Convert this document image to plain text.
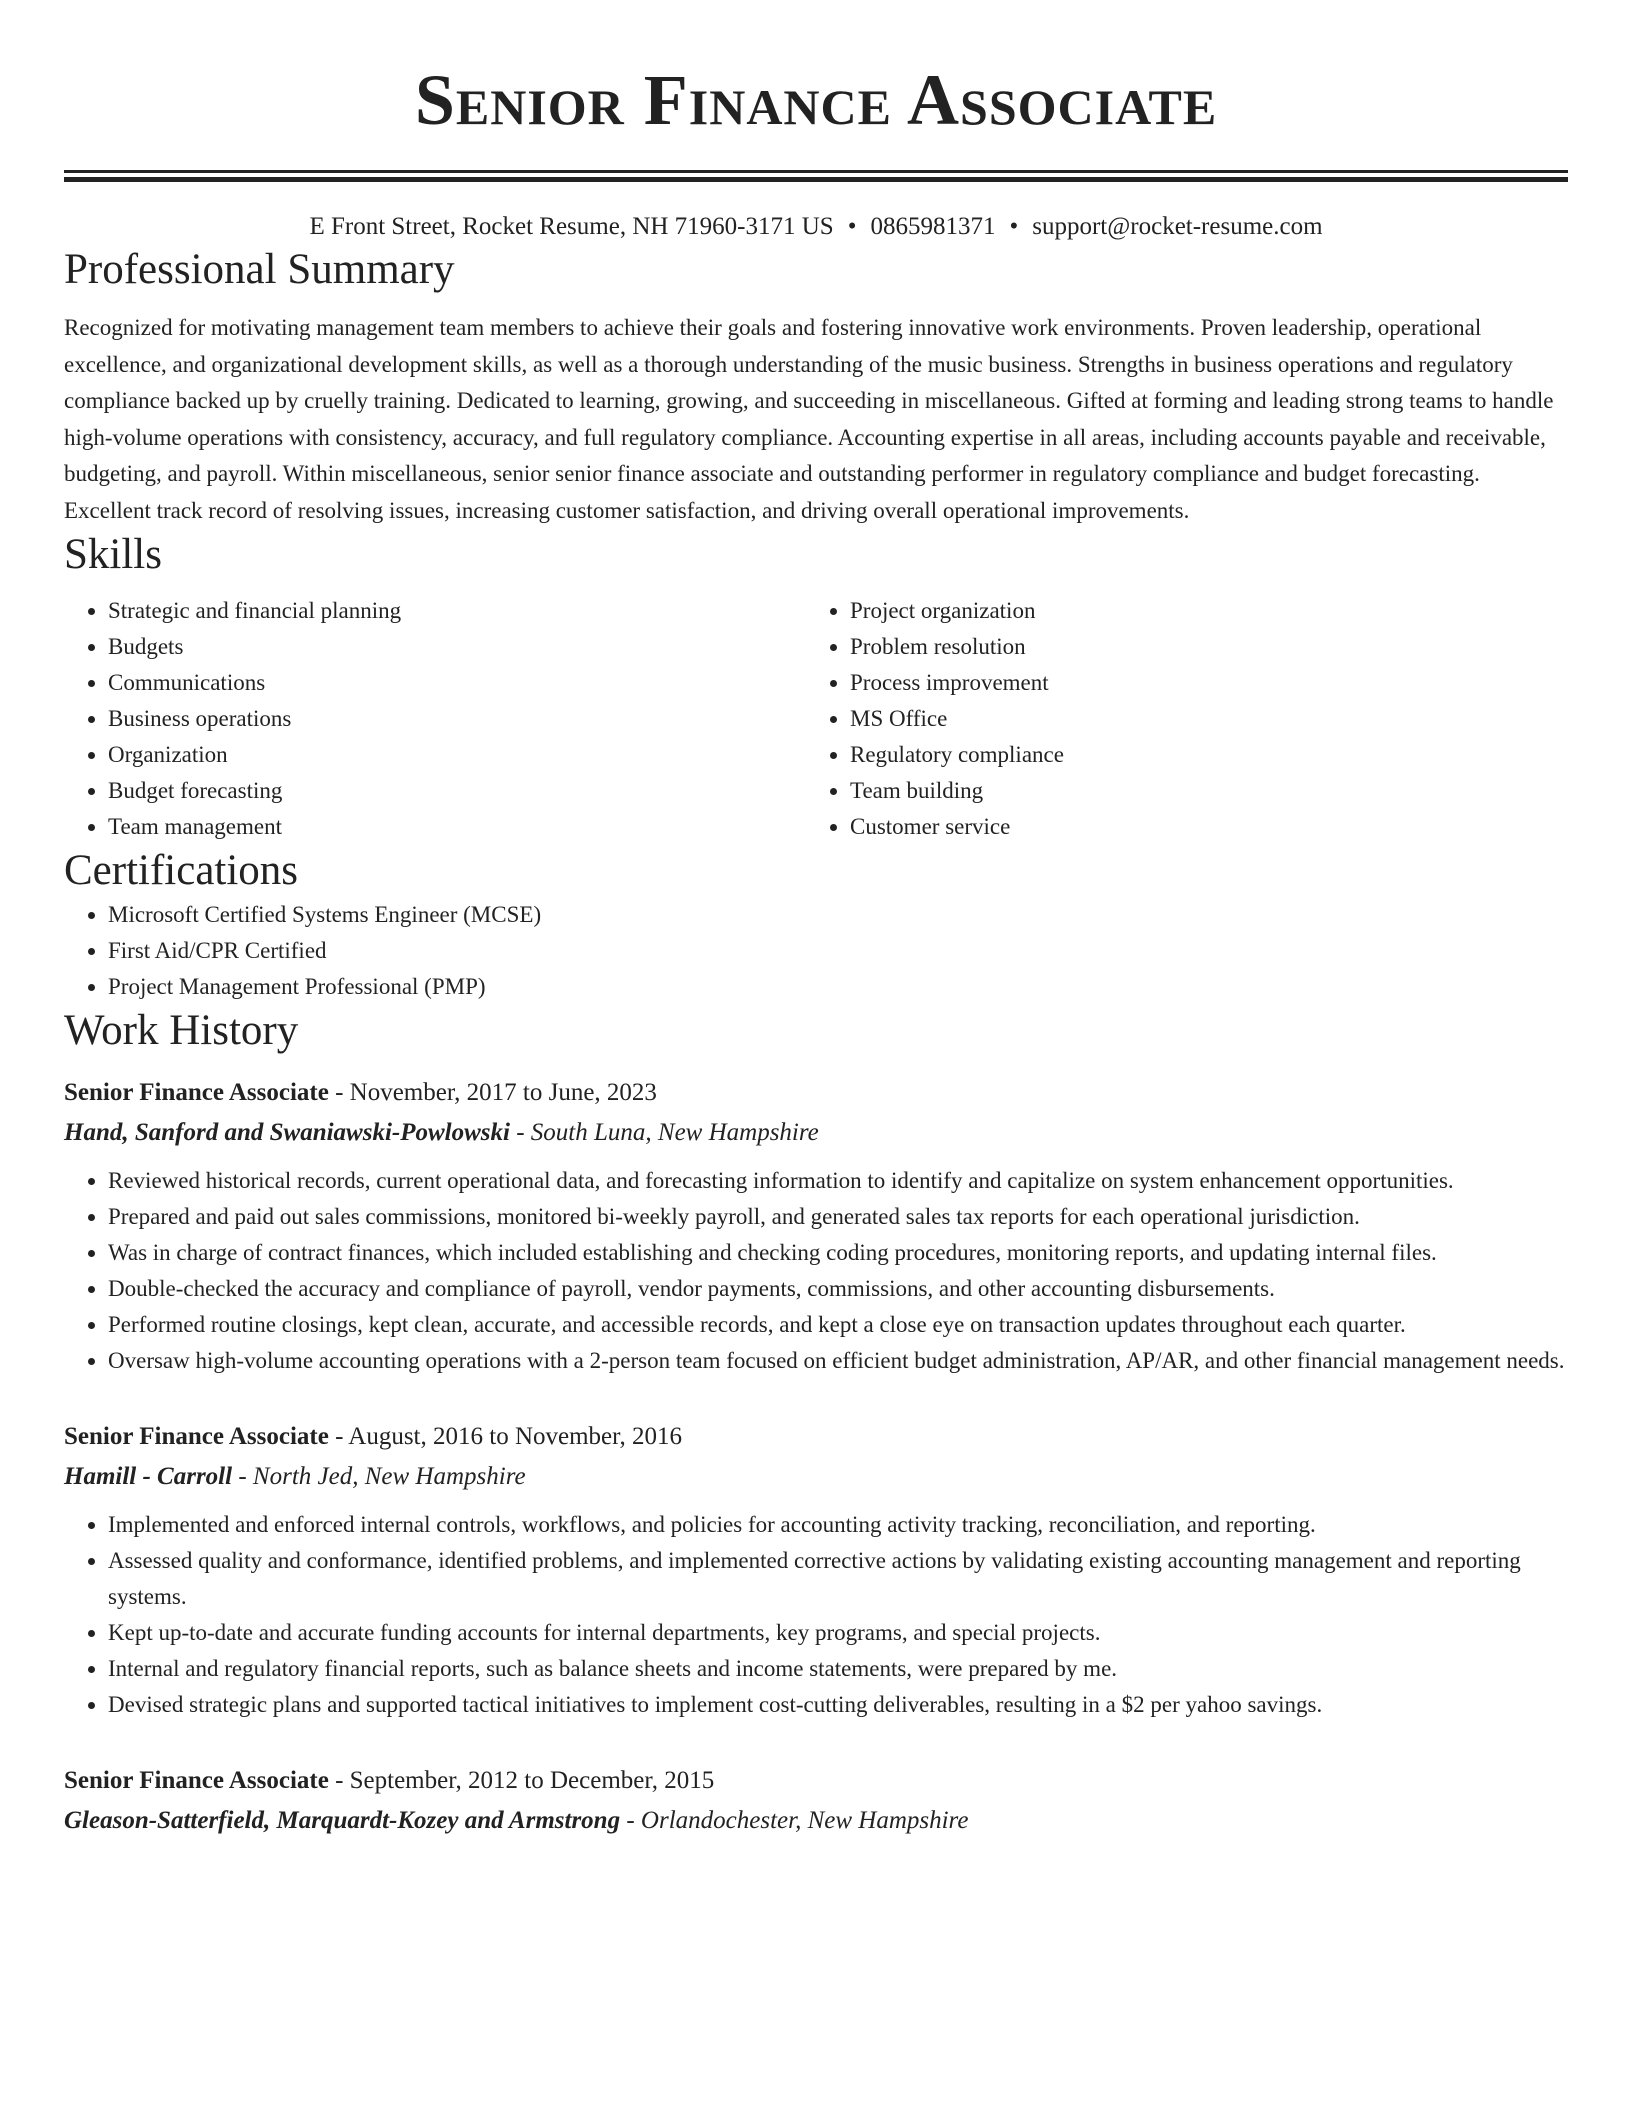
Senior Finance Associate
E Front Street, Rocket Resume, NH 71960-3171 US • 0865981371 • support@rocket-resume.com
Professional Summary

Recognized for motivating management team members to achieve their goals and fostering innovative work environments. Proven leadership, operational excellence, and organizational development skills, as well as a thorough understanding of the music business. Strengths in business operations and regulatory compliance backed up by cruelly training. Dedicated to learning, growing, and succeeding in miscellaneous. Gifted at forming and leading strong teams to handle high-volume operations with consistency, accuracy, and full regulatory compliance. Accounting expertise in all areas, including accounts payable and receivable, budgeting, and payroll. Within miscellaneous, senior senior finance associate and outstanding performer in regulatory compliance and budget forecasting. Excellent track record of resolving issues, increasing customer satisfaction, and driving overall operational improvements.

Skills
• Strategic and financial planning
• Budgets
• Communications
• Business operations
• Organization
• Budget forecasting
• Team management
• Project organization
• Problem resolution
• Process improvement
• MS Office
• Regulatory compliance
• Team building
• Customer service
Certifications
• Microsoft Certified Systems Engineer (MCSE)
• First Aid/CPR Certified
• Project Management Professional (PMP)
Work History
Senior Finance Associate - November, 2017 to June, 2023
Hand, Sanford and Swaniawski-Powlowski - South Luna, New Hampshire
• Reviewed historical records, current operational data, and forecasting information to identify and capitalize on system enhancement opportunities.
• Prepared and paid out sales commissions, monitored bi-weekly payroll, and generated sales tax reports for each operational jurisdiction.
• Was in charge of contract finances, which included establishing and checking coding procedures, monitoring reports, and updating internal files.
• Double-checked the accuracy and compliance of payroll, vendor payments, commissions, and other accounting disbursements.
• Performed routine closings, kept clean, accurate, and accessible records, and kept a close eye on transaction updates throughout each quarter.
• Oversaw high-volume accounting operations with a 2-person team focused on efficient budget administration, AP/AR, and other financial management needs.
Senior Finance Associate - August, 2016 to November, 2016
Hamill - Carroll - North Jed, New Hampshire
• Implemented and enforced internal controls, workflows, and policies for accounting activity tracking, reconciliation, and reporting.
• Assessed quality and conformance, identified problems, and implemented corrective actions by validating existing accounting management and reporting systems.
• Kept up-to-date and accurate funding accounts for internal departments, key programs, and special projects.
• Internal and regulatory financial reports, such as balance sheets and income statements, were prepared by me.
• Devised strategic plans and supported tactical initiatives to implement cost-cutting deliverables, resulting in a $2 per yahoo savings.
Senior Finance Associate - September, 2012 to December, 2015
Gleason-Satterfield, Marquardt-Kozey and Armstrong - Orlandochester, New Hampshire
